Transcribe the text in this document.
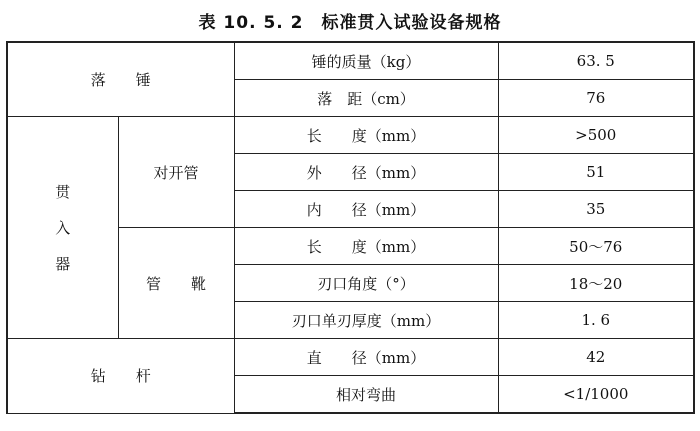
表 10. 5. 2 标准贯入试验设备规格
落　　锤		锤的质量（kg）	63. 5
		落　距（cm）	76

贯
入
器	对开管	长　　度（mm）	>500
		外　　径（mm）	51
		内　　径（mm）	35
	管　　靴	长　　度（mm）	50～76
		刃口角度（°）	18～20
		刃口单刃厚度（mm）	1. 6
钻　　杆		直　　径（mm）	42
		相对弯曲	<1/1000
